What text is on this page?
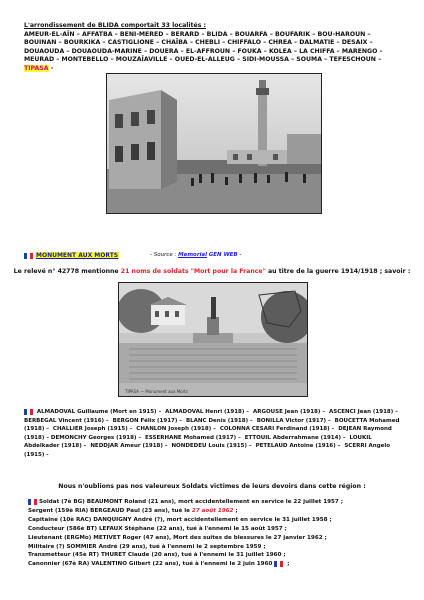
L'arrondissement de BLIDA comportait 33 localités :
AMEUR-EL-AÏN – AFFATBA – BENI-MERED – BERARD – BLIDA – BOUARFA – BOUFARIK – BOU-HAROUN – BOUINAN – BOURKIKA – CASTIGLIONE – CHAÏBA – CHEBLI – CHIFFALO – CHREA – DALMATIE – DESAIX – DOUAOUDA – DOUAOUDA-MARINE – DOUERA – EL-AFFROUN – FOUKA – KOLEA – LA CHIFFA – MARENGO – MEURAD – MONTEBELLO – MOUZAÏAVILLE – OUED-EL-ALLEUG – SIDI-MOUSSA – SOUMA – TEFESCHOUN – TIPASA -
MONUMENT AUX MORTS	- Source : Memorial GEN WEB -
Le relevé n° 42778 mentionne 21 noms de soldats "Mort pour la France" au titre de la guerre 1914/1918 ; savoir :
TIPASA — Monument aux Morts
ALMADOVAL Guillaume (Mort en 1915) – ALMADOVAL Henri (1918) – ARGOUSE Jean (1918) – ASCENCI Jean (1918) – BERBEGAL Vincent (1916) – BERGON Félix (1917) – BLANC Denis (1918) – BONILLA Victor (1917) – BOUCETTA Mohamed (1918) – CHALLIER Joseph (1915) – CHANLON Joseph (1918) – COLONNA CESARI Ferdinand (1918) – DEJEAN Raymond (1918) – DEMONCHY Georges (1918) – ESSERHANE Mohamed (1917) – ETTOUIL Abderrahmane (1914) – LOUKIL Abdelkader (1918) – NEDDJAR Ameur (1918) – NONDEDEU Louis (1915) – PETELAUD Antoine (1916) – SCERRI Angelo (1915) -
Nous n'oublions pas nos valeureux Soldats victimes de leurs devoirs dans cette région :
Soldat (7è BG) BEAUMONT Roland (21 ans), mort accidentellement en service le 22 juillet 1957 ;
Sergent (159è RIA) BERGEAUD Paul (23 ans), tué le 27 août 1962 ;
Capitaine (10è RAC) DANQUIGNY André (?), mort accidentellement en service le 31 juillet 1958 ;
Conducteur (586è BT) LEFAUX Stéphane (22 ans), tué à l'ennemi le 15 août 1957 ;
Lieutenant (ERGMo) METIVET Roger (47 ans), Mort des suites de blessures le 27 janvier 1962 ;
Militaire (?) SOMMIER André (29 ans), tué à l'ennemi le 2 septembre 1959 ;
Transmetteur (45è RT) THURET Claude (20 ans), tué à l'ennemi le 31 juillet 1960 ;
Canonnier (67è RA) VALENTINO Gilbert (22 ans), tué à l'ennemi le 2 juin 1960
;
